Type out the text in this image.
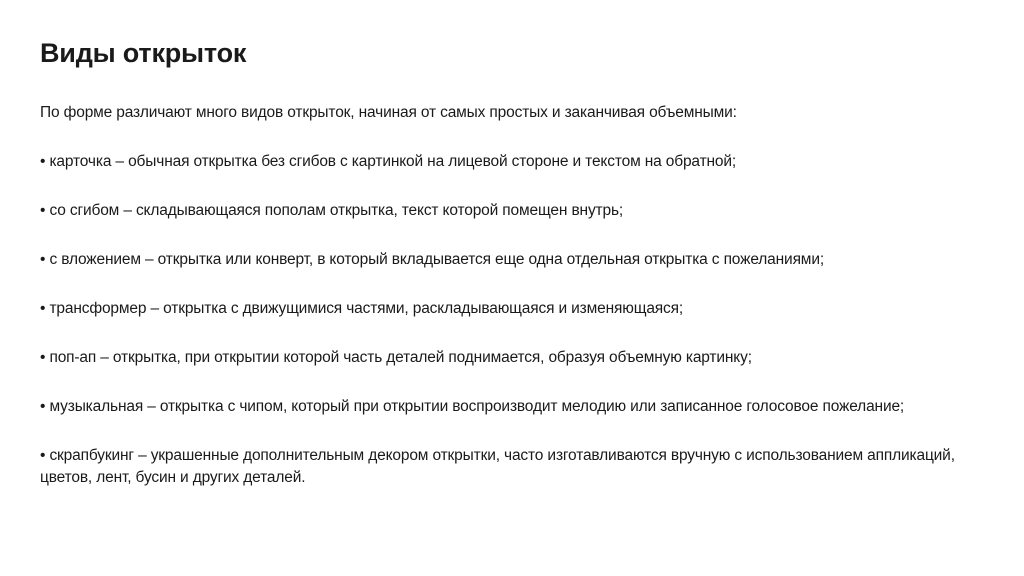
Виды открыток

По форме различают много видов открыток, начиная от самых простых и заканчивая объемными:

• карточка – обычная открытка без сгибов с картинкой на лицевой стороне и текстом на обратной;
• со сгибом – складывающаяся пополам открытка, текст которой помещен внутрь;
• с вложением – открытка или конверт, в который вкладывается еще одна отдельная открытка с пожеланиями;
• трансформер – открытка с движущимися частями, раскладывающаяся и изменяющаяся;
• поп-ап – открытка, при открытии которой часть деталей поднимается, образуя объемную картинку;
• музыкальная – открытка с чипом, который при открытии воспроизводит мелодию или записанное голосовое пожелание;
• скрапбукинг – украшенные дополнительным декором открытки, часто изготавливаются вручную с использованием аппликаций, цветов, лент, бусин и других деталей.
